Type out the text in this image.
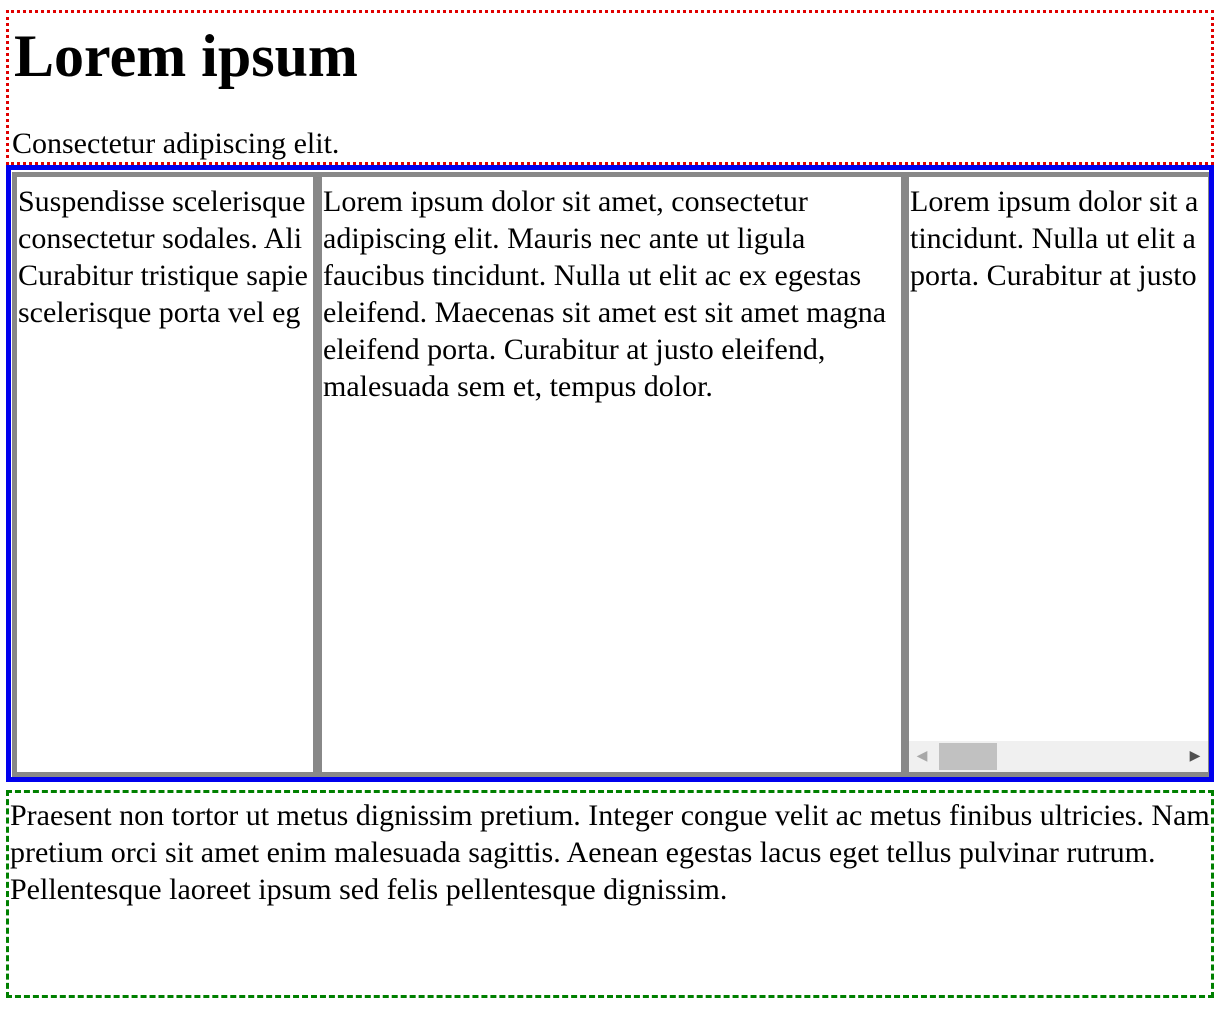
Lorem ipsum

Consectetur adipiscing elit.

Suspendisse scelerisque
consectetur sodales. Ali
Curabitur tristique sapie
scelerisque porta vel eg

Lorem ipsum dolor sit amet, consectetur adipiscing elit. Mauris nec ante ut ligula faucibus tincidunt. Nulla ut elit ac ex egestas eleifend. Maecenas sit amet est sit amet magna eleifend porta. Curabitur at justo eleifend, malesuada sem et, tempus dolor.

Lorem ipsum dolor sit a
tincidunt. Nulla ut elit a
porta. Curabitur at justo
◀	▶

Praesent non tortor ut metus dignissim pretium. Integer congue velit ac metus finibus ultricies. Nam pretium orci sit amet enim malesuada sagittis. Aenean egestas lacus eget tellus pulvinar rutrum. Pellentesque laoreet ipsum sed felis pellentesque dignissim.
